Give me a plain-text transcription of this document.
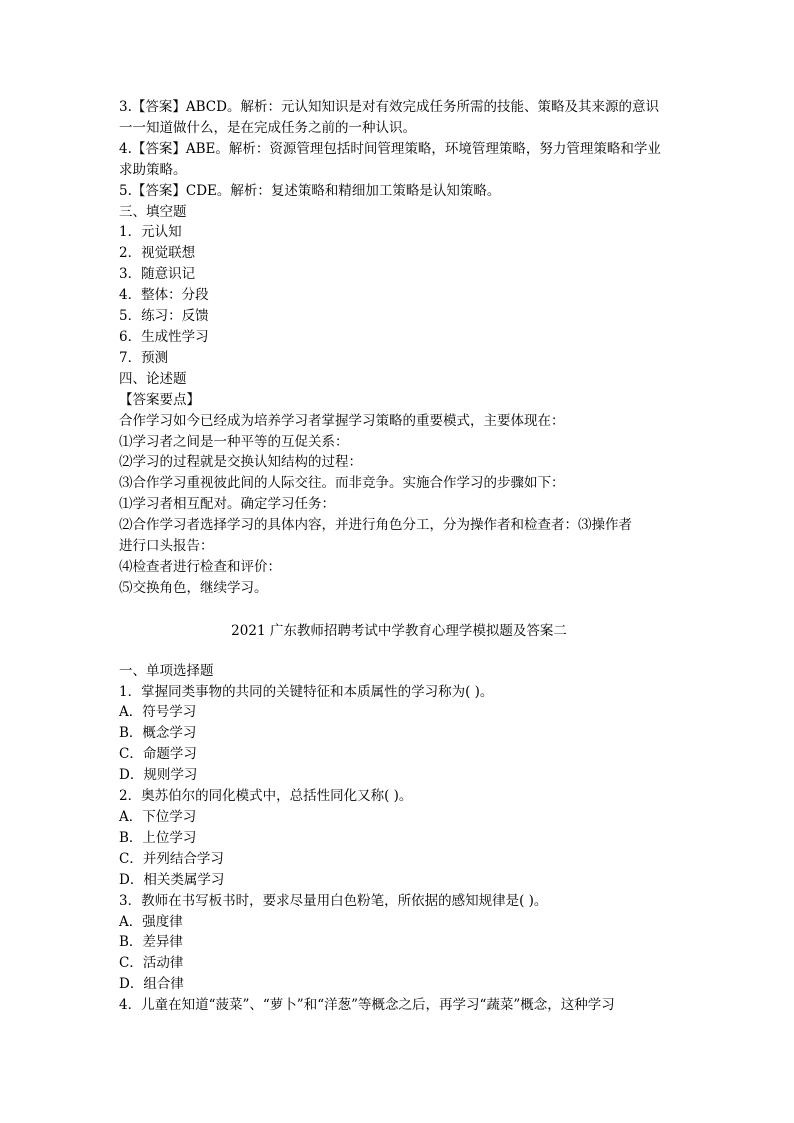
3.【答案】ABCD。解析：元认知知识是对有效完成任务所需的技能、策略及其来源的意识

一一知道做什么，是在完成任务之前的一种认识。

4.【答案】ABE。解析：资源管理包括时间管理策略，环境管理策略，努力管理策略和学业

求助策略。

5.【答案】CDE。解析：复述策略和精细加工策略是认知策略。

三、填空题

1．元认知

2．视觉联想

3．随意识记

4．整体：分段

5．练习：反馈

6．生成性学习

7．预测

四、论述题

【答案要点】

合作学习如今已经成为培养学习者掌握学习策略的重要模式，主要体现在：

⑴学习者之间是一种平等的互促关系：

⑵学习的过程就是交换认知结构的过程：

⑶合作学习重视彼此间的人际交往。而非竞争。实施合作学习的步骤如下：

⑴学习者相互配对。确定学习任务：

⑵合作学习者选择学习的具体内容，并进行角色分工，分为操作者和检查者：⑶操作者

进行口头报告：

⑷检查者进行检查和评价：

⑸交换角色，继续学习。

2021 广东教师招聘考试中学教育心理学模拟题及答案二

一、单项选择题

1．掌握同类事物的共同的关键特征和本质属性的学习称为( )。

A．符号学习

B．概念学习

C．命题学习

D．规则学习

2．奥苏伯尔的同化模式中，总括性同化又称( )。

A．下位学习

B．上位学习

C．并列结合学习

D．相关类属学习

3．教师在书写板书时，要求尽量用白色粉笔，所依据的感知规律是( )。

A．强度律

B．差异律

C．活动律

D．组合律

4．儿童在知道“菠菜”、“萝卜”和“洋葱”等概念之后，再学习“蔬菜”概念，这种学习
